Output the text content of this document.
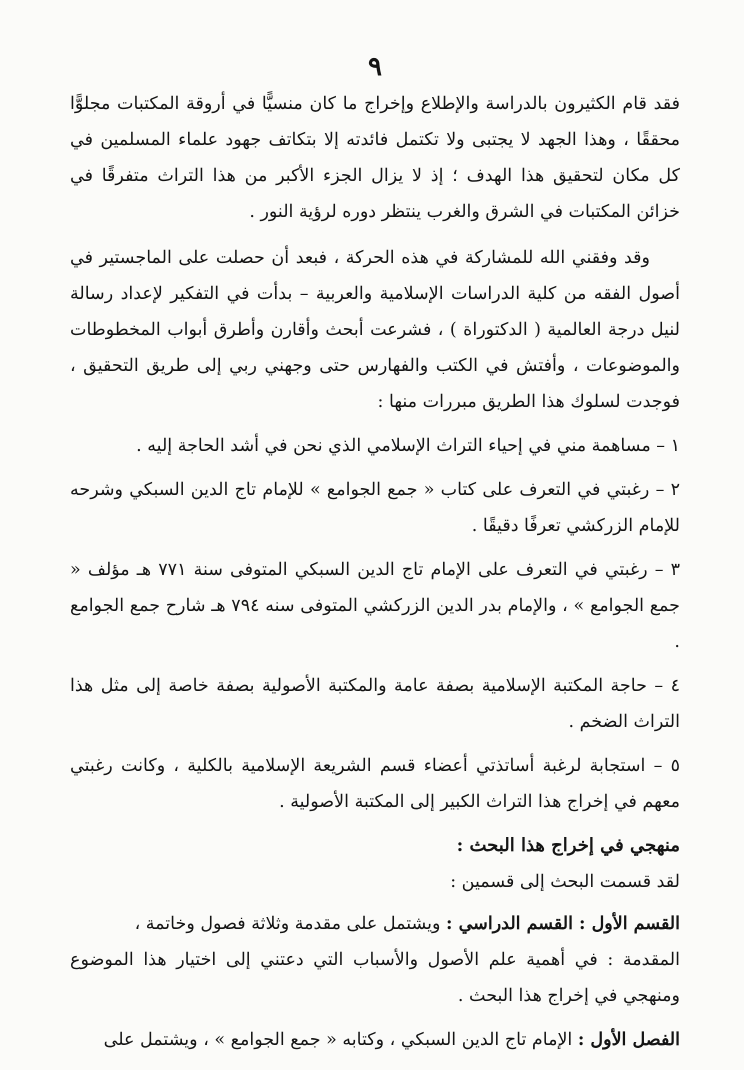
٩

فقد قام الكثيرون بالدراسة والإطلاع وإخراج ما كان منسيًّا في أروقة المكتبات مجلوًّا محققًا ، وهذا الجهد لا يجتبى ولا تكتمل فائدته إلا بتكاتف جهود علماء المسلمين في كل مكان لتحقيق هذا الهدف ؛ إذ لا يزال الجزء الأكبر من هذا التراث متفرقًا في خزائن المكتبات في الشرق والغرب ينتظر دوره لرؤية النور .

وقد وفقني الله للمشاركة في هذه الحركة ، فبعد أن حصلت على الماجستير في أصول الفقه من كلية الدراسات الإسلامية والعربية – بدأت في التفكير لإعداد رسالة لنيل درجة العالمية ( الدكتوراة ) ، فشرعت أبحث وأقارن وأطرق أبواب المخطوطات والموضوعات ، وأفتش في الكتب والفهارس حتى وجهني ربي إلى طريق التحقيق ، فوجدت لسلوك هذا الطريق مبررات منها :

١ – مساهمة مني في إحياء التراث الإسلامي الذي نحن في أشد الحاجة إليه .

٢ – رغبتي في التعرف على كتاب « جمع الجوامع » للإمام تاج الدين السبكي وشرحه للإمام الزركشي تعرفًا دقيقًا .

٣ – رغبتي في التعرف على الإمام تاج الدين السبكي المتوفى سنة ٧٧١ هـ مؤلف « جمع الجوامع » ، والإمام بدر الدين الزركشي المتوفى سنه ٧٩٤ هـ شارح جمع الجوامع .

٤ – حاجة المكتبة الإسلامية بصفة عامة والمكتبة الأصولية بصفة خاصة إلى مثل هذا التراث الضخم .

٥ – استجابة لرغبة أساتذتي أعضاء قسم الشريعة الإسلامية بالكلية ، وكانت رغبتي معهم في إخراج هذا التراث الكبير إلى المكتبة الأصولية .

منهجي في إخراج هذا البحث :

لقد قسمت البحث إلى قسمين :

القسم الأول : القسم الدراسي : ويشتمل على مقدمة وثلاثة فصول وخاتمة ،

المقدمة : في أهمية علم الأصول والأسباب التي دعتني إلى اختيار هذا الموضوع ومنهجي في إخراج هذا البحث .

الفصل الأول : الإمام تاج الدين السبكي ، وكتابه « جمع الجوامع » ، ويشتمل على
